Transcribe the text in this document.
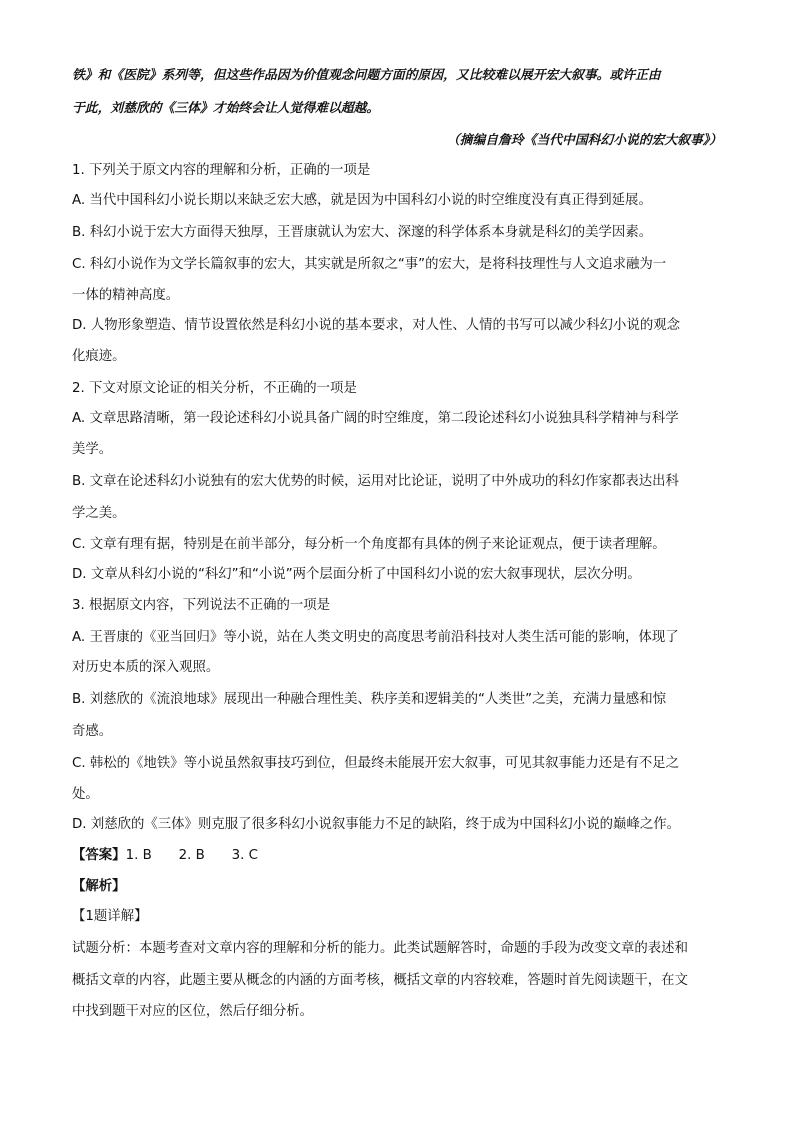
铁》和《医院》系列等，但这些作品因为价值观念问题方面的原因，又比较难以展开宏大叙事。或许正由
于此，刘慈欣的《三体》才始终会让人觉得难以超越。
（摘编自詹玲《当代中国科幻小说的宏大叙事》）
1. 下列关于原文内容的理解和分析，正确的一项是
A. 当代中国科幻小说长期以来缺乏宏大感，就是因为中国科幻小说的时空维度没有真正得到延展。
B. 科幻小说于宏大方面得天独厚，王晋康就认为宏大、深邃的科学体系本身就是科幻的美学因素。
C. 科幻小说作为文学长篇叙事的宏大，其实就是所叙之“事”的宏大，是将科技理性与人文追求融为一
一体的精神高度。
D. 人物形象塑造、情节设置依然是科幻小说的基本要求，对人性、人情的书写可以减少科幻小说的观念
化痕迹。
2. 下文对原文论证的相关分析，不正确的一项是
A. 文章思路清晰，第一段论述科幻小说具备广阔的时空维度，第二段论述科幻小说独具科学精神与科学
美学。
B. 文章在论述科幻小说独有的宏大优势的时候，运用对比论证，说明了中外成功的科幻作家都表达出科
学之美。
C. 文章有理有据，特别是在前半部分，每分析一个角度都有具体的例子来论证观点，便于读者理解。
D. 文章从科幻小说的“科幻”和“小说”两个层面分析了中国科幻小说的宏大叙事现状，层次分明。
3. 根据原文内容，下列说法不正确的一项是
A. 王晋康的《亚当回归》等小说，站在人类文明史的高度思考前沿科技对人类生活可能的影响，体现了
对历史本质的深入观照。
B. 刘慈欣的《流浪地球》展现出一种融合理性美、秩序美和逻辑美的“人类世”之美，充满力量感和惊
奇感。
C. 韩松的《地铁》等小说虽然叙事技巧到位，但最终未能展开宏大叙事，可见其叙事能力还是有不足之
处。
D. 刘慈欣的《三体》则克服了很多科幻小说叙事能力不足的缺陷，终于成为中国科幻小说的巅峰之作。
【答案】1. B　　2. B　　3. C
【解析】
【1题详解】
试题分析：本题考查对文章内容的理解和分析的能力。此类试题解答时，命题的手段为改变文章的表述和
概括文章的内容，此题主要从概念的内涵的方面考核，概括文章的内容较难，答题时首先阅读题干，在文
中找到题干对应的区位，然后仔细分析。
